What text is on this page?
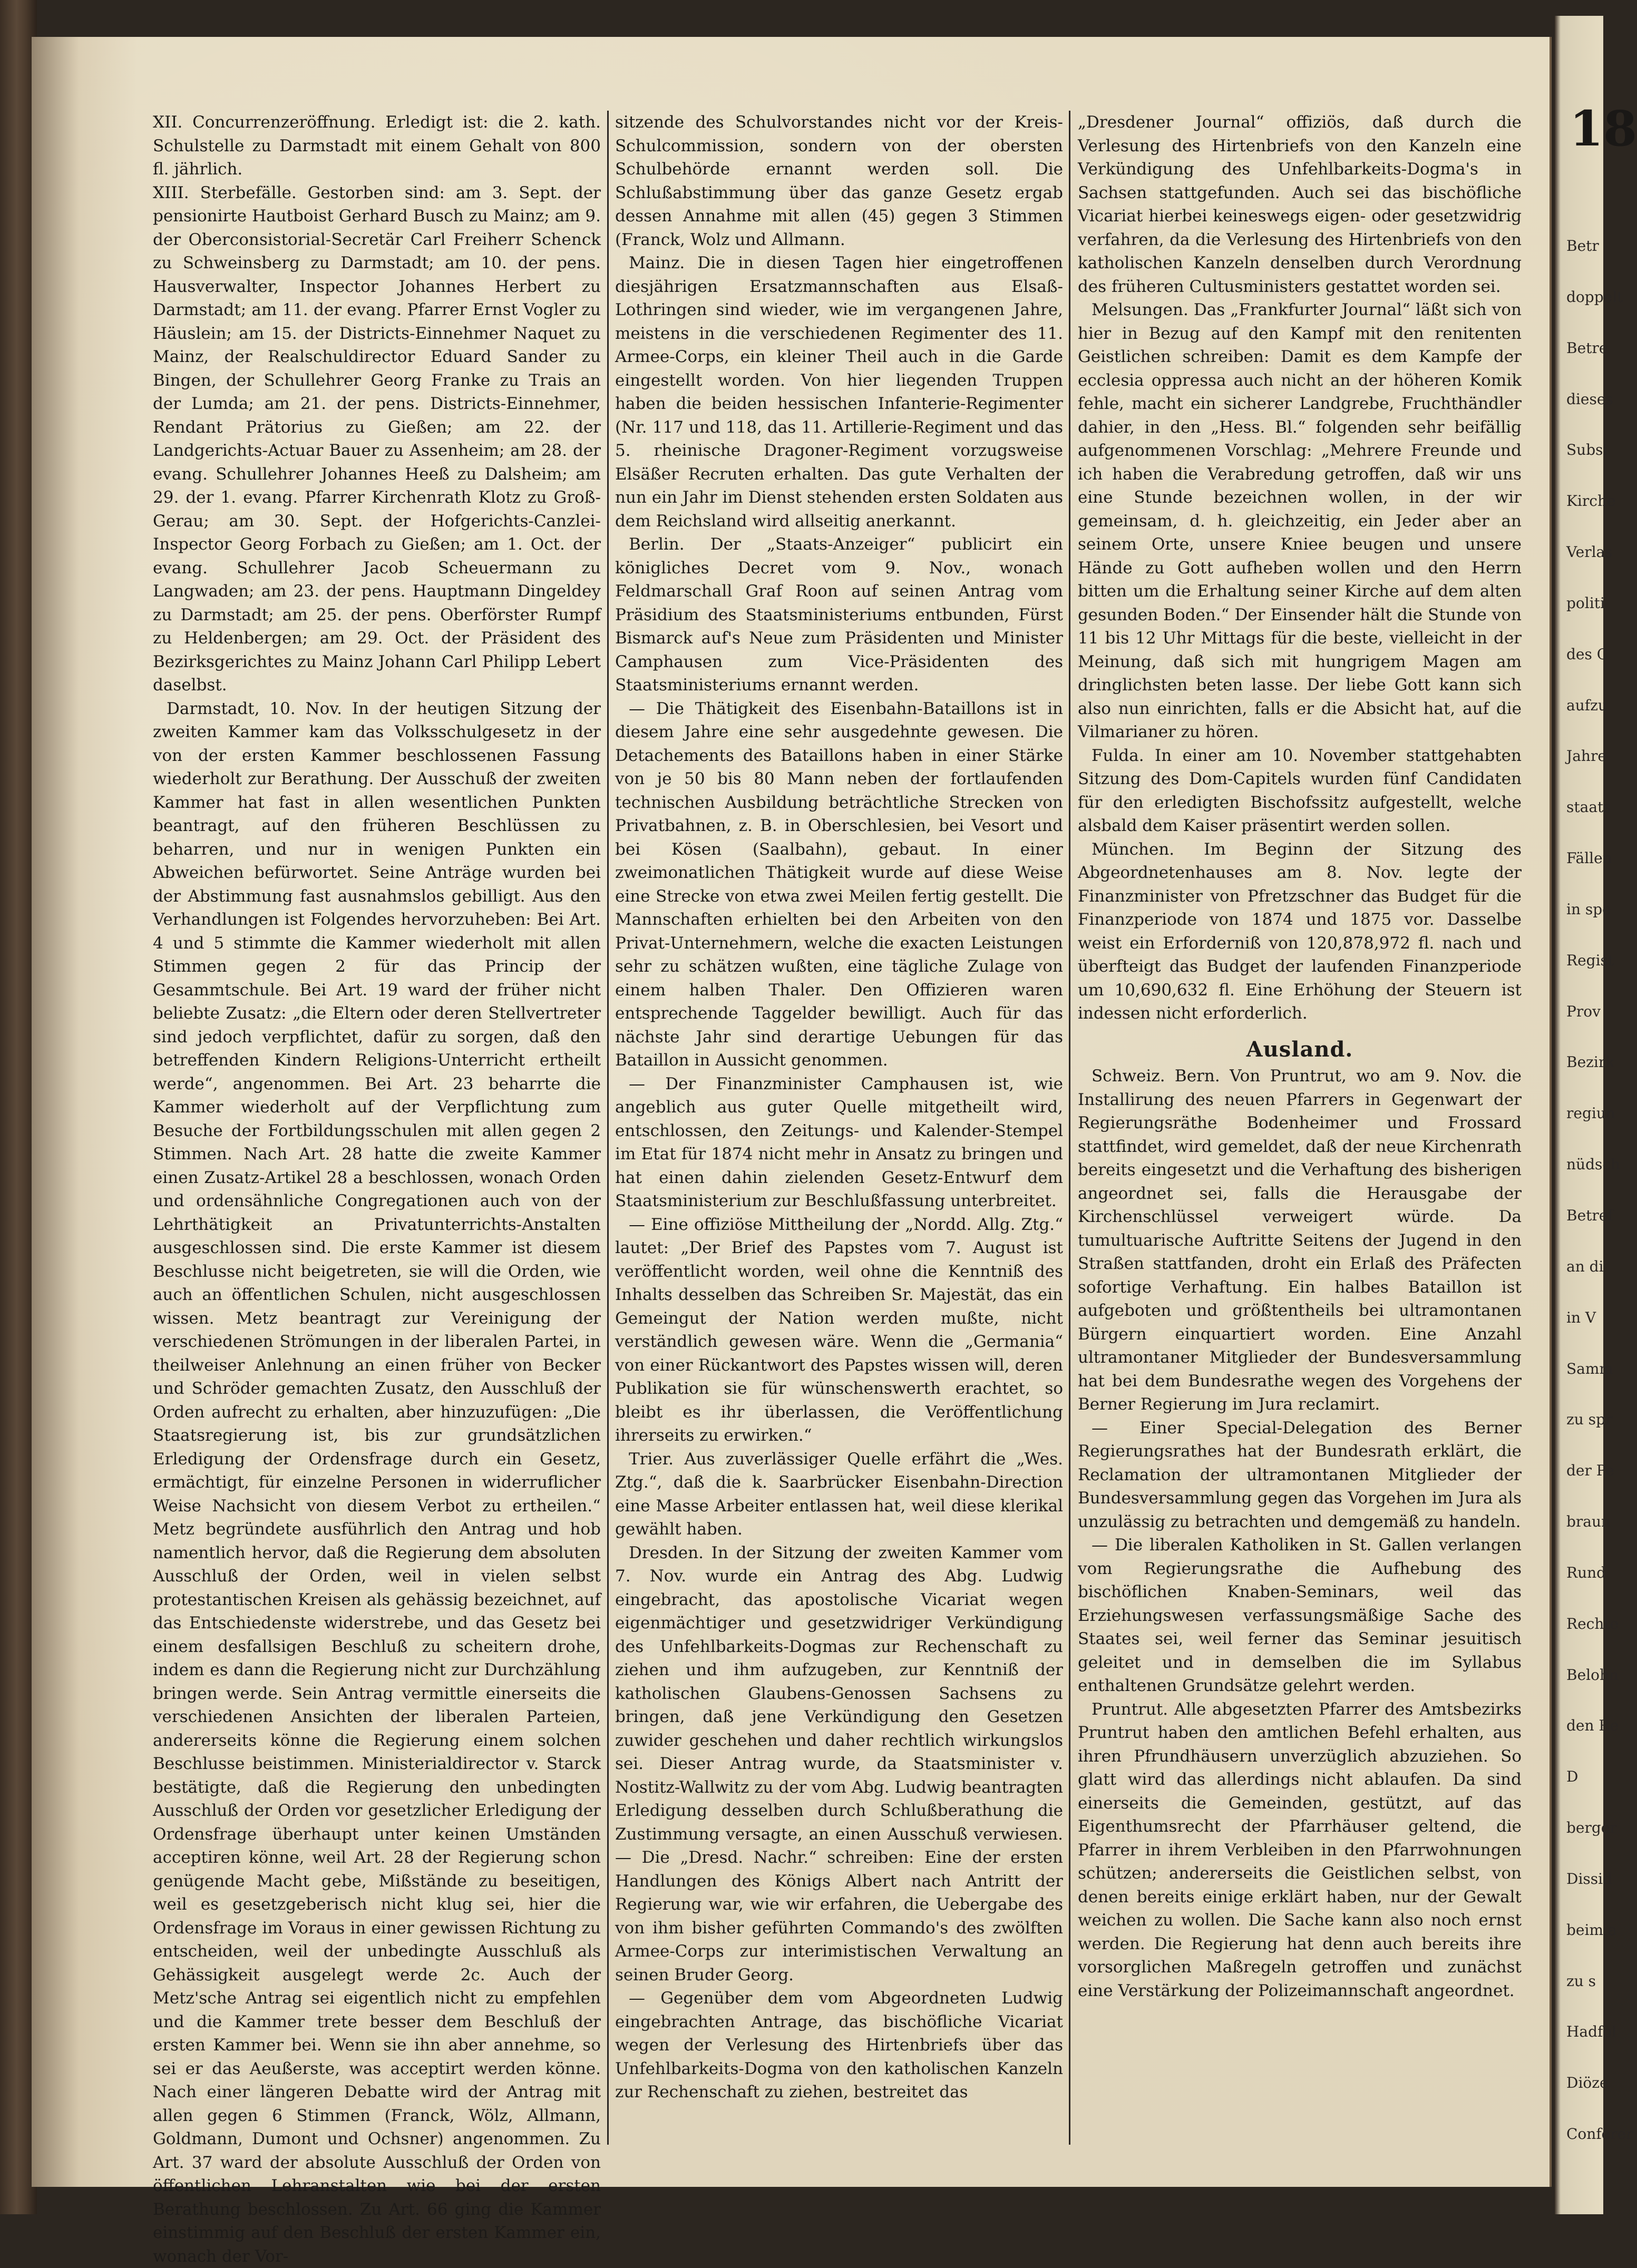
XII. Concurrenzeröffnung. Erledigt ist: die 2. kath. Schulstelle zu Darmstadt mit einem Gehalt von 800 fl. jährlich.

XIII. Sterbefälle. Gestorben sind: am 3. Sept. der pensionirte Hautboist Gerhard Busch zu Mainz; am 9. der Oberconsistorial-Secretär Carl Freiherr Schenck zu Schweinsberg zu Darmstadt; am 10. der pens. Hausverwalter, Inspector Johannes Herbert zu Darmstadt; am 11. der evang. Pfarrer Ernst Vogler zu Häuslein; am 15. der Districts-Einnehmer Naquet zu Mainz, der Realschuldirector Eduard Sander zu Bingen, der Schullehrer Georg Franke zu Trais an der Lumda; am 21. der pens. Districts-Einnehmer, Rendant Prätorius zu Gießen; am 22. der Landgerichts-Actuar Bauer zu Assenheim; am 28. der evang. Schullehrer Johannes Heeß zu Dalsheim; am 29. der 1. evang. Pfarrer Kirchenrath Klotz zu Groß-Gerau; am 30. Sept. der Hofgerichts-Canzlei-Inspector Georg Forbach zu Gießen; am 1. Oct. der evang. Schullehrer Jacob Scheuermann zu Langwaden; am 23. der pens. Hauptmann Dingeldey zu Darmstadt; am 25. der pens. Oberförster Rumpf zu Heldenbergen; am 29. Oct. der Präsident des Bezirksgerichtes zu Mainz Johann Carl Philipp Lebert daselbst.

Darmstadt, 10. Nov. In der heutigen Sitzung der zweiten Kammer kam das Volksschulgesetz in der von der ersten Kammer beschlossenen Fassung wiederholt zur Berathung. Der Ausschuß der zweiten Kammer hat fast in allen wesentlichen Punkten beantragt, auf den früheren Beschlüssen zu beharren, und nur in wenigen Punkten ein Abweichen befürwortet. Seine Anträge wurden bei der Abstimmung fast ausnahmslos gebilligt. Aus den Verhandlungen ist Folgendes hervorzuheben: Bei Art. 4 und 5 stimmte die Kammer wiederholt mit allen Stimmen gegen 2 für das Princip der Gesammtschule. Bei Art. 19 ward der früher nicht beliebte Zusatz: „die Eltern oder deren Stellvertreter sind jedoch verpflichtet, dafür zu sorgen, daß den betreffenden Kindern Religions-Unterricht ertheilt werde“, angenommen. Bei Art. 23 beharrte die Kammer wiederholt auf der Verpflichtung zum Besuche der Fortbildungsschulen mit allen gegen 2 Stimmen. Nach Art. 28 hatte die zweite Kammer einen Zusatz-Artikel 28 a beschlossen, wonach Orden und ordensähnliche Congregationen auch von der Lehrthätigkeit an Privatunterrichts-Anstalten ausgeschlossen sind. Die erste Kammer ist diesem Beschlusse nicht beigetreten, sie will die Orden, wie auch an öffentlichen Schulen, nicht ausgeschlossen wissen. Metz beantragt zur Vereinigung der verschiedenen Strömungen in der liberalen Partei, in theilweiser Anlehnung an einen früher von Becker und Schröder gemachten Zusatz, den Ausschluß der Orden aufrecht zu erhalten, aber hinzuzufügen: „Die Staatsregierung ist, bis zur grundsätzlichen Erledigung der Ordensfrage durch ein Gesetz, ermächtigt, für einzelne Personen in widerruflicher Weise Nachsicht von diesem Verbot zu ertheilen.“ Metz begründete ausführlich den Antrag und hob namentlich hervor, daß die Regierung dem absoluten Ausschluß der Orden, weil in vielen selbst protestantischen Kreisen als gehässig bezeichnet, auf das Entschiedenste widerstrebe, und das Gesetz bei einem desfallsigen Beschluß zu scheitern drohe, indem es dann die Regierung nicht zur Durchzählung bringen werde. Sein Antrag vermittle einerseits die verschiedenen Ansichten der liberalen Parteien, andererseits könne die Regierung einem solchen Beschlusse beistimmen. Ministerialdirector v. Starck bestätigte, daß die Regierung den unbedingten Ausschluß der Orden vor gesetzlicher Erledigung der Ordensfrage überhaupt unter keinen Umständen acceptiren könne, weil Art. 28 der Regierung schon genügende Macht gebe, Mißstände zu beseitigen, weil es gesetzgeberisch nicht klug sei, hier die Ordensfrage im Voraus in einer gewissen Richtung zu entscheiden, weil der unbedingte Ausschluß als Gehässigkeit ausgelegt werde 2c. Auch der Metz'sche Antrag sei eigentlich nicht zu empfehlen und die Kammer trete besser dem Beschluß der ersten Kammer bei. Wenn sie ihn aber annehme, so sei er das Aeußerste, was acceptirt werden könne. Nach einer längeren Debatte wird der Antrag mit allen gegen 6 Stimmen (Franck, Wölz, Allmann, Goldmann, Dumont und Ochsner) angenommen. Zu Art. 37 ward der absolute Ausschluß der Orden von öffentlichen Lehranstalten wie bei der ersten Berathung beschlossen. Zu Art. 66 ging die Kammer einstimmig auf den Beschluß der ersten Kammer ein, wonach der Vor-

sitzende des Schulvorstandes nicht vor der Kreis-Schulcommission, sondern von der obersten Schulbehörde ernannt werden soll. Die Schlußabstimmung über das ganze Gesetz ergab dessen Annahme mit allen (45) gegen 3 Stimmen (Franck, Wolz und Allmann.

Mainz. Die in diesen Tagen hier eingetroffenen diesjährigen Ersatzmannschaften aus Elsaß-Lothringen sind wieder, wie im vergangenen Jahre, meistens in die verschiedenen Regimenter des 11. Armee-Corps, ein kleiner Theil auch in die Garde eingestellt worden. Von hier liegenden Truppen haben die beiden hessischen Infanterie-Regimenter (Nr. 117 und 118, das 11. Artillerie-Regiment und das 5. rheinische Dragoner-Regiment vorzugsweise Elsäßer Recruten erhalten. Das gute Verhalten der nun ein Jahr im Dienst stehenden ersten Soldaten aus dem Reichsland wird allseitig anerkannt.

Berlin. Der „Staats-Anzeiger“ publicirt ein königliches Decret vom 9. Nov., wonach Feldmarschall Graf Roon auf seinen Antrag vom Präsidium des Staatsministeriums entbunden, Fürst Bismarck auf's Neue zum Präsidenten und Minister Camphausen zum Vice-Präsidenten des Staatsministeriums ernannt werden.

— Die Thätigkeit des Eisenbahn-Bataillons ist in diesem Jahre eine sehr ausgedehnte gewesen. Die Detachements des Bataillons haben in einer Stärke von je 50 bis 80 Mann neben der fortlaufenden technischen Ausbildung beträchtliche Strecken von Privatbahnen, z. B. in Oberschlesien, bei Vesort und bei Kösen (Saalbahn), gebaut. In einer zweimonatlichen Thätigkeit wurde auf diese Weise eine Strecke von etwa zwei Meilen fertig gestellt. Die Mannschaften erhielten bei den Arbeiten von den Privat-Unternehmern, welche die exacten Leistungen sehr zu schätzen wußten, eine tägliche Zulage von einem halben Thaler. Den Offizieren waren entsprechende Taggelder bewilligt. Auch für das nächste Jahr sind derartige Uebungen für das Bataillon in Aussicht genommen.

— Der Finanzminister Camphausen ist, wie angeblich aus guter Quelle mitgetheilt wird, entschlossen, den Zeitungs- und Kalender-Stempel im Etat für 1874 nicht mehr in Ansatz zu bringen und hat einen dahin zielenden Gesetz-Entwurf dem Staatsministerium zur Beschlußfassung unterbreitet.

— Eine offiziöse Mittheilung der „Nordd. Allg. Ztg.“ lautet: „Der Brief des Papstes vom 7. August ist veröffentlicht worden, weil ohne die Kenntniß des Inhalts desselben das Schreiben Sr. Majestät, das ein Gemeingut der Nation werden mußte, nicht verständlich gewesen wäre. Wenn die „Germania“ von einer Rückantwort des Papstes wissen will, deren Publikation sie für wünschenswerth erachtet, so bleibt es ihr überlassen, die Veröffentlichung ihrerseits zu erwirken.“

Trier. Aus zuverlässiger Quelle erfährt die „Wes. Ztg.“, daß die k. Saarbrücker Eisenbahn-Direction eine Masse Arbeiter entlassen hat, weil diese klerikal gewählt haben.

Dresden. In der Sitzung der zweiten Kammer vom 7. Nov. wurde ein Antrag des Abg. Ludwig eingebracht, das apostolische Vicariat wegen eigenmächtiger und gesetzwidriger Verkündigung des Unfehlbarkeits-Dogmas zur Rechenschaft zu ziehen und ihm aufzugeben, zur Kenntniß der katholischen Glaubens-Genossen Sachsens zu bringen, daß jene Verkündigung den Gesetzen zuwider geschehen und daher rechtlich wirkungslos sei. Dieser Antrag wurde, da Staatsminister v. Nostitz-Wallwitz zu der vom Abg. Ludwig beantragten Erledigung desselben durch Schlußberathung die Zustimmung versagte, an einen Ausschuß verwiesen. — Die „Dresd. Nachr.“ schreiben: Eine der ersten Handlungen des Königs Albert nach Antritt der Regierung war, wie wir erfahren, die Uebergabe des von ihm bisher geführten Commando's des zwölften Armee-Corps zur interimistischen Verwaltung an seinen Bruder Georg.

— Gegenüber dem vom Abgeordneten Ludwig eingebrachten Antrage, das bischöfliche Vicariat wegen der Verlesung des Hirtenbriefs über das Unfehlbarkeits-Dogma von den katholischen Kanzeln zur Rechenschaft zu ziehen, bestreitet das

„Dresdener Journal“ offiziös, daß durch die Verlesung des Hirtenbriefs von den Kanzeln eine Verkündigung des Unfehlbarkeits-Dogma's in Sachsen stattgefunden. Auch sei das bischöfliche Vicariat hierbei keineswegs eigen- oder gesetzwidrig verfahren, da die Verlesung des Hirtenbriefs von den katholischen Kanzeln denselben durch Verordnung des früheren Cultusministers gestattet worden sei.

Melsungen. Das „Frankfurter Journal“ läßt sich von hier in Bezug auf den Kampf mit den renitenten Geistlichen schreiben: Damit es dem Kampfe der ecclesia oppressa auch nicht an der höheren Komik fehle, macht ein sicherer Landgrebe, Fruchthändler dahier, in den „Hess. Bl.“ folgenden sehr beifällig aufgenommenen Vorschlag: „Mehrere Freunde und ich haben die Verabredung getroffen, daß wir uns eine Stunde bezeichnen wollen, in der wir gemeinsam, d. h. gleichzeitig, ein Jeder aber an seinem Orte, unsere Kniee beugen und unsere Hände zu Gott aufheben wollen und den Herrn bitten um die Erhaltung seiner Kirche auf dem alten gesunden Boden.“ Der Einsender hält die Stunde von 11 bis 12 Uhr Mittags für die beste, vielleicht in der Meinung, daß sich mit hungrigem Magen am dringlichsten beten lasse. Der liebe Gott kann sich also nun einrichten, falls er die Absicht hat, auf die Vilmarianer zu hören.

Fulda. In einer am 10. November stattgehabten Sitzung des Dom-Capitels wurden fünf Candidaten für den erledigten Bischofssitz aufgestellt, welche alsbald dem Kaiser präsentirt werden sollen.

München. Im Beginn der Sitzung des Abgeordnetenhauses am 8. Nov. legte der Finanzminister von Pfretzschner das Budget für die Finanzperiode von 1874 und 1875 vor. Dasselbe weist ein Erforderniß von 120,878,972 fl. nach und überfteigt das Budget der laufenden Finanzperiode um 10,690,632 fl. Eine Erhöhung der Steuern ist indessen nicht erforderlich.

Ausland.

Schweiz. Bern. Von Pruntrut, wo am 9. Nov. die Installirung des neuen Pfarrers in Gegenwart der Regierungsräthe Bodenheimer und Frossard stattfindet, wird gemeldet, daß der neue Kirchenrath bereits eingesetzt und die Verhaftung des bisherigen angeordnet sei, falls die Herausgabe der Kirchenschlüssel verweigert würde. Da tumultuarische Auftritte Seitens der Jugend in den Straßen stattfanden, droht ein Erlaß des Präfecten sofortige Verhaftung. Ein halbes Bataillon ist aufgeboten und größtentheils bei ultramontanen Bürgern einquartiert worden. Eine Anzahl ultramontaner Mitglieder der Bundesversammlung hat bei dem Bundesrathe wegen des Vorgehens der Berner Regierung im Jura reclamirt.

— Einer Special-Delegation des Berner Regierungsrathes hat der Bundesrath erklärt, die Reclamation der ultramontanen Mitglieder der Bundesversammlung gegen das Vorgehen im Jura als unzulässig zu betrachten und demgemäß zu handeln.

— Die liberalen Katholiken in St. Gallen verlangen vom Regierungsrathe die Aufhebung des bischöflichen Knaben-Seminars, weil das Erziehungswesen verfassungsmäßige Sache des Staates sei, weil ferner das Seminar jesuitisch geleitet und in demselben die im Syllabus enthaltenen Grundsätze gelehrt werden.

Pruntrut. Alle abgesetzten Pfarrer des Amtsbezirks Pruntrut haben den amtlichen Befehl erhalten, aus ihren Pfrundhäusern unverzüglich abzuziehen. So glatt wird das allerdings nicht ablaufen. Da sind einerseits die Gemeinden, gestützt, auf das Eigenthumsrecht der Pfarrhäuser geltend, die Pfarrer in ihrem Verbleiben in den Pfarrwohnungen schützen; andererseits die Geistlichen selbst, von denen bereits einige erklärt haben, nur der Gewalt weichen zu wollen. Die Sache kann also noch ernst werden. Die Regierung hat denn auch bereits ihre vorsorglichen Maßregeln getroffen und zunächst eine Verstärkung der Polizeimannschaft angeordnet.

18
Betr
doppelt
Betre
dieses
Subsi
Kirche
Verlas
politi
des C
aufzu
Jahre
staats
Fällen
in spe
Regist
Prov
Bezirk
regiun
nüdsch
Betref
an di
in V
Samm
zu spr
der Pe
braun
Rund
Rechte
Belohn
den Re
D
berger
Dissid
beim a
zu s
Hadfol
Diöze
Conferer
